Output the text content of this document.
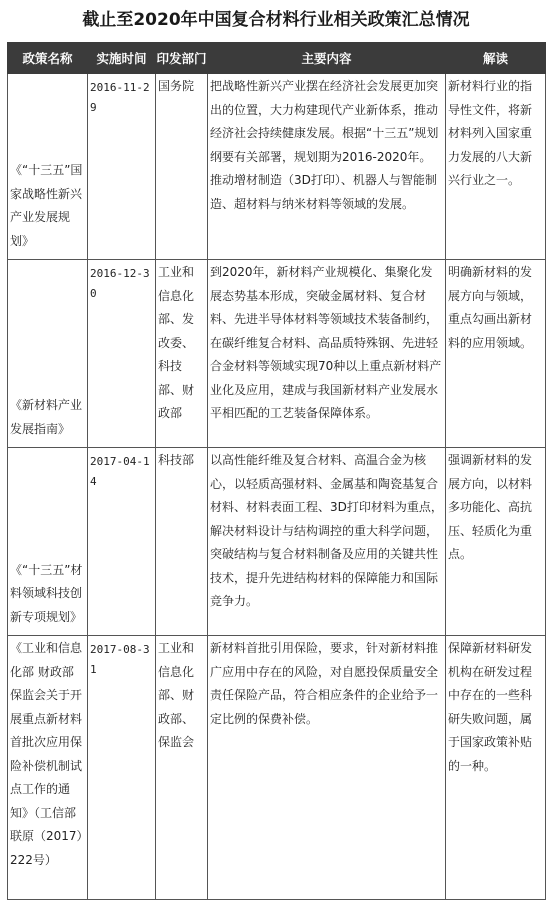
截止至2020年中国复合材料行业相关政策汇总情况
政策名称	实施时间	印发部门	主要内容	解读
《“十三五”国家战略性新兴产业发展规划》	2016-11-29	国务院	把战略性新兴产业摆在经济社会发展更加突出的位置，大力构建现代产业新体系，推动经济社会持续健康发展。根据“十三五”规划纲要有关部署，规划期为2016-2020年。推动增材制造（3D打印）、机器人与智能制造、超材料与纳米材料等领域的发展。	新材料行业的指导性文件，将新材料列入国家重力发展的八大新兴行业之一。
《新材料产业发展指南》	2016-12-30	工业和信息化部、发改委、科技部、财政部	到2020年，新材料产业规模化、集聚化发展态势基本形成，突破金属材料、复合材料、先进半导体材料等领域技术装备制约，在碳纤维复合材料、高品质特殊钢、先进轻合金材料等领域实现70种以上重点新材料产业化及应用，建成与我国新材料产业发展水平相匹配的工艺装备保障体系。	明确新材料的发展方向与领域，重点勾画出新材料的应用领域。
《“十三五”材料领域科技创新专项规划》	2017-04-14	科技部	以高性能纤维及复合材料、高温合金为核心，以轻质高强材料、金属基和陶瓷基复合材料、材料表面工程、3D打印材料为重点，解决材料设计与结构调控的重大科学问题，突破结构与复合材料制备及应用的关键共性技术，提升先进结构材料的保障能力和国际竞争力。	强调新材料的发展方向，以材料多功能化、高抗压、轻质化为重点。
《工业和信息化部 财政部 保监会关于开展重点新材料首批次应用保险补偿机制试点工作的通知》（工信部联原（2017）222号）	2017-08-31	工业和信息化部、财政部、保监会	新材料首批引用保险，要求，针对新材料推广应用中存在的风险，对自愿投保质量安全责任保险产品，符合相应条件的企业给予一定比例的保费补偿。	保障新材料研发机构在研发过程中存在的一些科研失败问题，属于国家政策补贴的一种。
